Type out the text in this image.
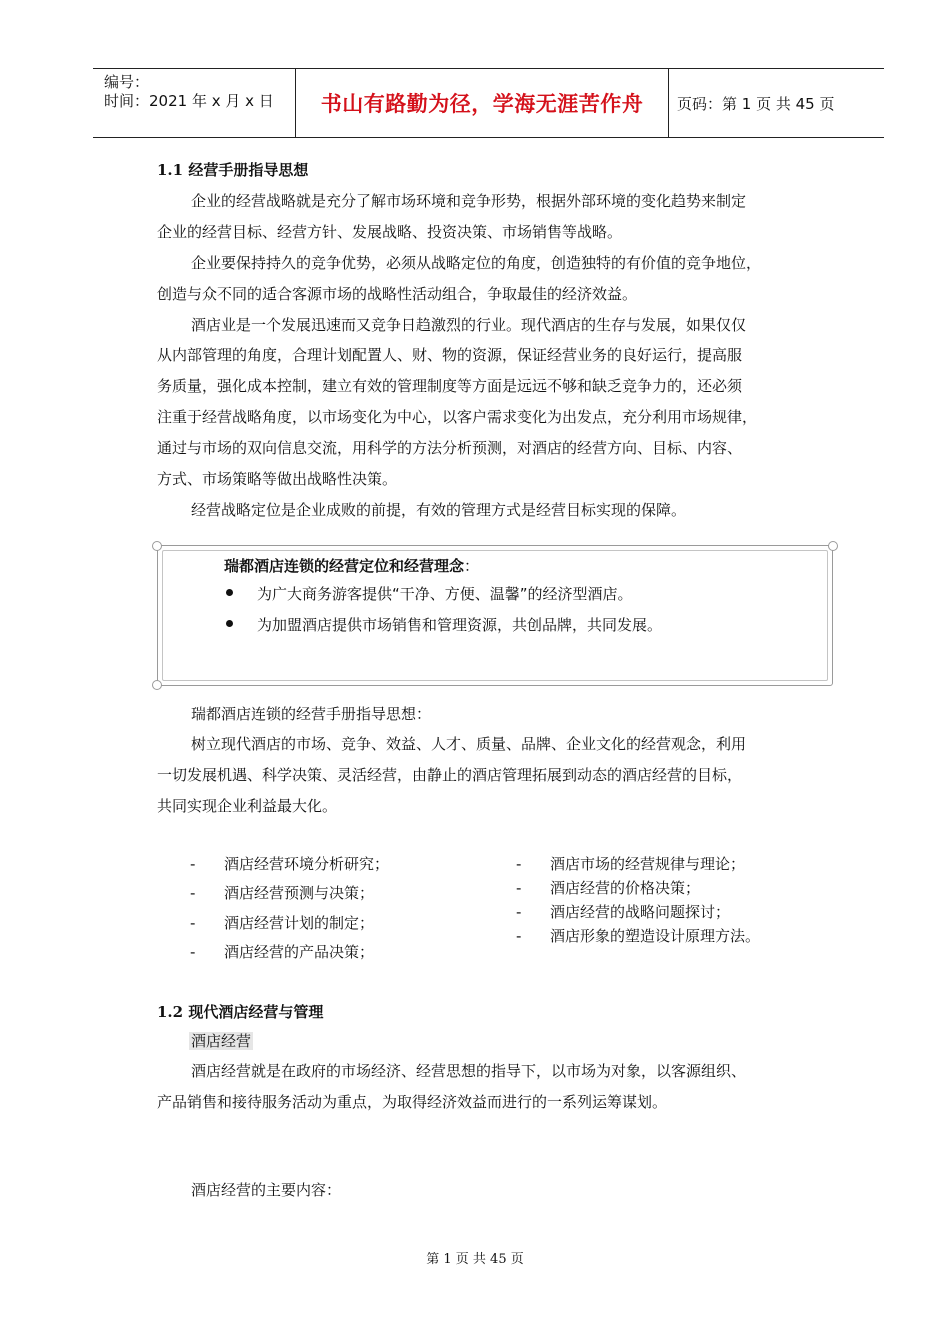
编号：
时间：2021 年 x 月 x 日	书山有路勤为径，学海无涯苦作舟	页码：第 1 页 共 45 页
1.1 经营手册指导思想
企业的经营战略就是充分了解市场环境和竞争形势，根据外部环境的变化趋势来制定
企业的经营目标、经营方针、发展战略、投资决策、市场销售等战略。
企业要保持持久的竞争优势，必须从战略定位的角度，创造独特的有价值的竞争地位，
创造与众不同的适合客源市场的战略性活动组合，争取最佳的经济效益。
酒店业是一个发展迅速而又竞争日趋激烈的行业。现代酒店的生存与发展，如果仅仅
从内部管理的角度，合理计划配置人、财、物的资源，保证经营业务的良好运行，提高服
务质量，强化成本控制，建立有效的管理制度等方面是远远不够和缺乏竞争力的，还必须
注重于经营战略角度，以市场变化为中心，以客户需求变化为出发点，充分利用市场规律，
通过与市场的双向信息交流，用科学的方法分析预测，对酒店的经营方向、目标、内容、
方式、市场策略等做出战略性决策。
经营战略定位是企业成败的前提，有效的管理方式是经营目标实现的保障。
瑞都酒店连锁的经营定位和经营理念：
为广大商务游客提供“干净、方便、温馨”的经济型酒店。
为加盟酒店提供市场销售和管理资源，共创品牌，共同发展。
瑞都酒店连锁的经营手册指导思想：
树立现代酒店的市场、竞争、效益、人才、质量、品牌、企业文化的经营观念，利用
一切发展机遇、科学决策、灵活经营，由静止的酒店管理拓展到动态的酒店经营的目标，
共同实现企业利益最大化。
- 酒店经营环境分析研究；
- 酒店经营预测与决策；
- 酒店经营计划的制定；
- 酒店经营的产品决策；
- 酒店市场的经营规律与理论；
- 酒店经营的价格决策；
- 酒店经营的战略问题探讨；
- 酒店形象的塑造设计原理方法。
1.2 现代酒店经营与管理
酒店经营
酒店经营就是在政府的市场经济、经营思想的指导下，以市场为对象，以客源组织、
产品销售和接待服务活动为重点，为取得经济效益而进行的一系列运筹谋划。
酒店经营的主要内容：
第 1 页 共 45 页
